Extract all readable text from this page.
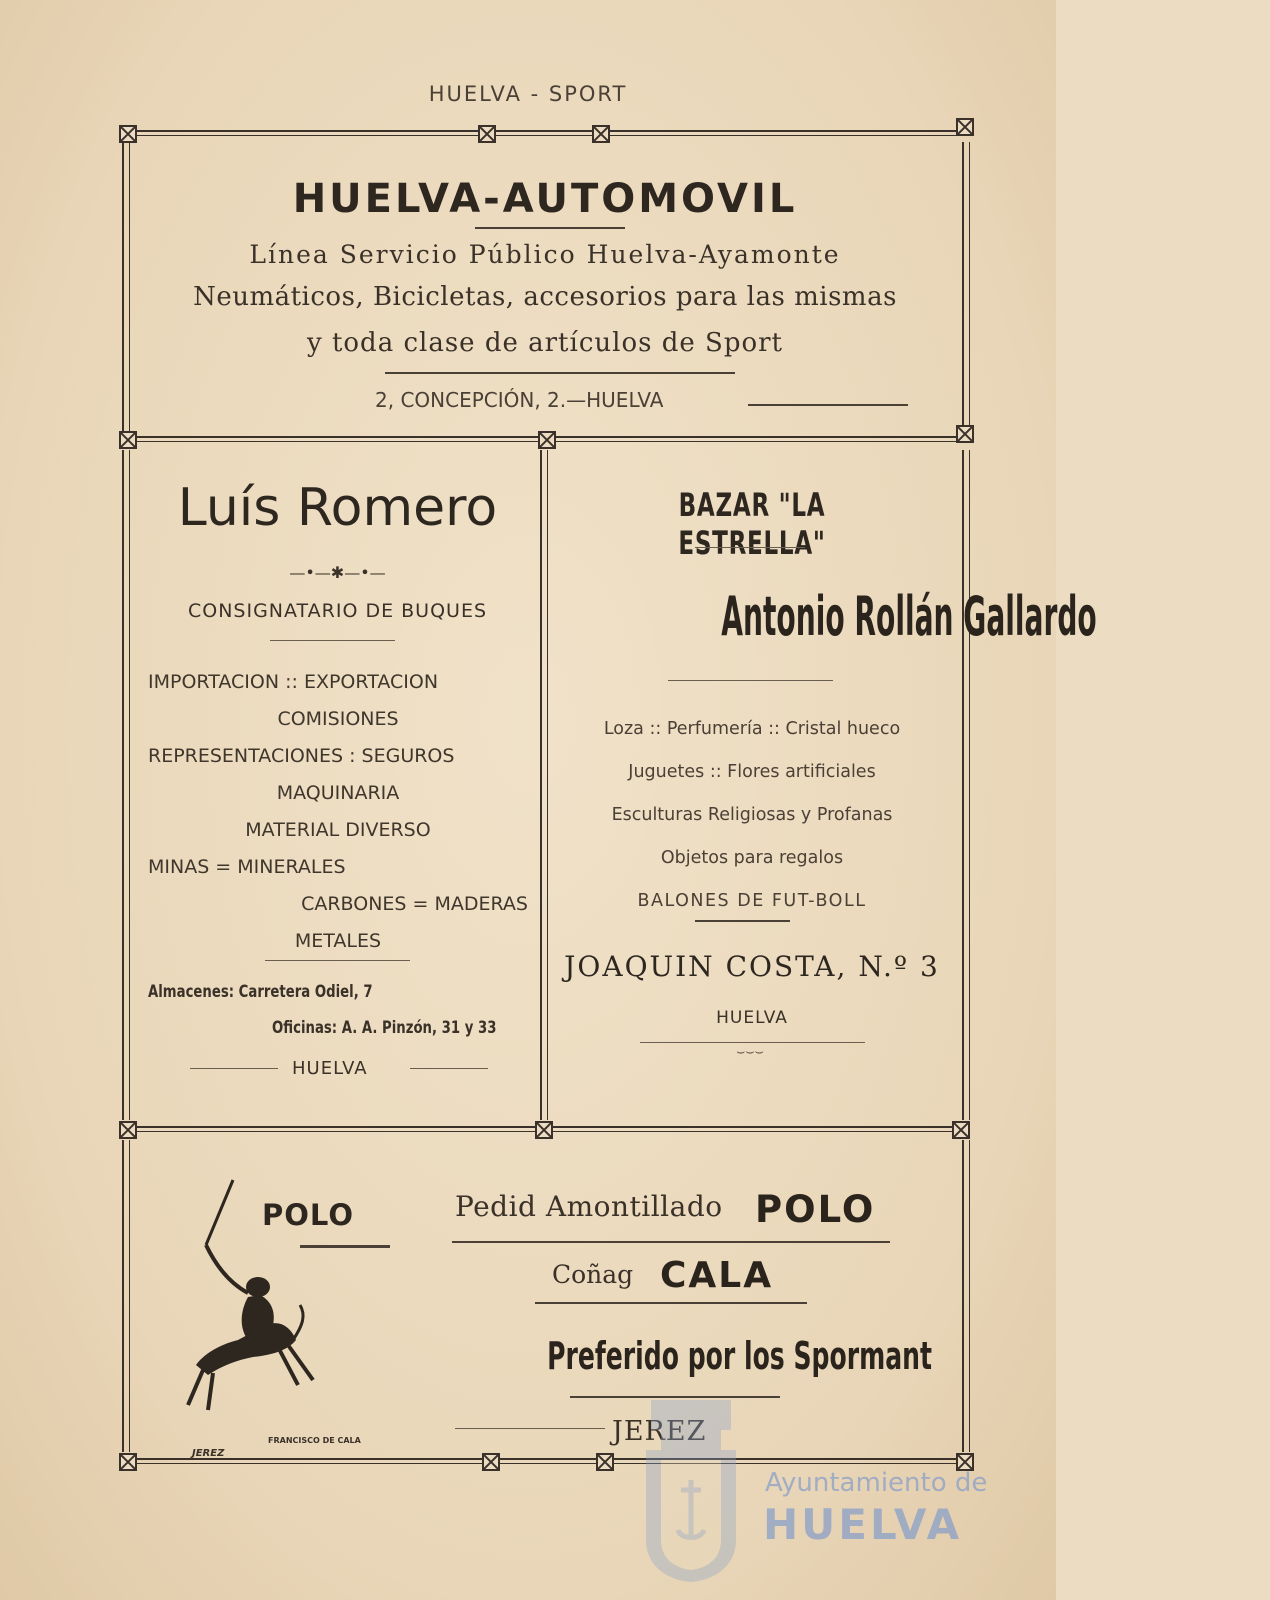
HUELVA - SPORT
HUELVA-AUTOMOVIL
Línea Servicio Público Huelva-Ayamonte
Neumáticos, Bicicletas, accesorios para las mismas
y toda clase de artículos de Sport
2, CONCEPCIÓN, 2.—HUELVA
Luís Romero
—•—✱—•—
CONSIGNATARIO DE BUQUES
IMPORTACION :: EXPORTACION
COMISIONES
REPRESENTACIONES : SEGUROS
MAQUINARIA
MATERIAL DIVERSO
MINAS = MINERALES
CARBONES = MADERAS
METALES
Almacenes: Carretera Odiel, 7
Oficinas: A. A. Pinzón, 31 y 33
HUELVA
BAZAR "LA ESTRELLA"
Antonio Rollán Gallardo
Loza :: Perfumería :: Cristal hueco
Juguetes :: Flores artificiales
Esculturas Religiosas y Profanas
Objetos para regalos
BALONES DE FUT-BOLL
JOAQUIN COSTA, N.º 3
HUELVA
⌣⌣⌣
POLO
JEREZ
FRANCISCO DE CALA
Pedid Amontillado POLO
Coñag CALA
Preferido por los Spormant
JEREZ
Ayuntamiento de
HUELVA
